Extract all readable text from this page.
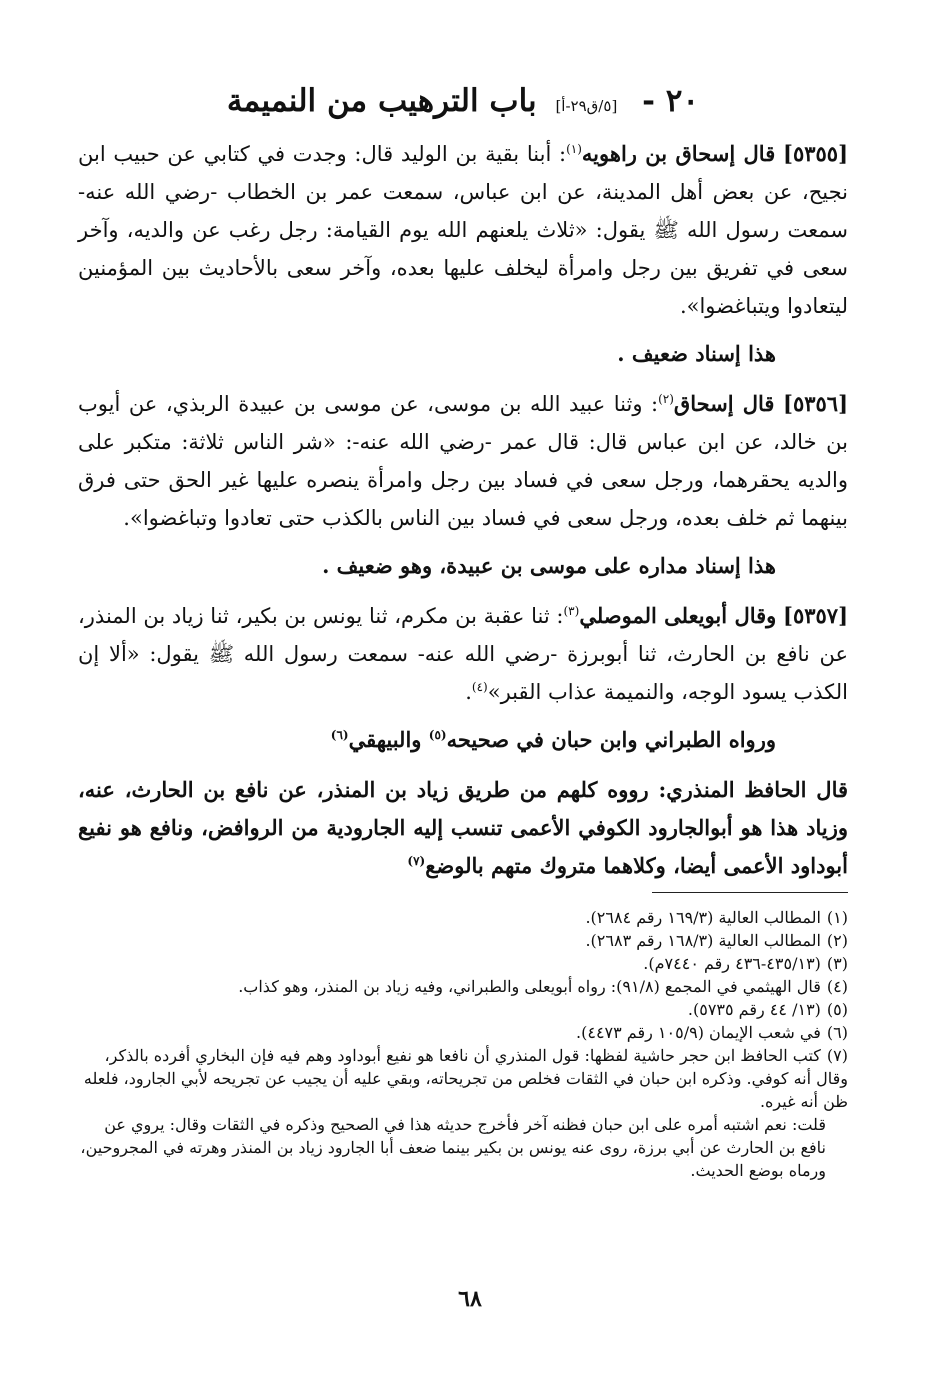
٢٠ - [٥/ق٢٩-أ] باب الترهيب من النميمة

[٥٣٥٥] قال إسحاق بن راهويه$^{(١)}$: أبنا بقية بن الوليد قال: وجدت في كتابي عن حبيب ابن نجيح، عن بعض أهل المدينة، عن ابن عباس، سمعت عمر بن الخطاب -رضي الله عنه- سمعت رسول الله ﷺ يقول: «ثلاث يلعنهم الله يوم القيامة: رجل رغب عن والديه، وآخر سعى في تفريق بين رجل وامرأة ليخلف عليها بعده، وآخر سعى بالأحاديث بين المؤمنين ليتعادوا ويتباغضوا».

هذا إسناد ضعيف .

[٥٣٥٦] قال إسحاق$^{(٢)}$: وثنا عبيد الله بن موسى، عن موسى بن عبيدة الربذي، عن أيوب بن خالد، عن ابن عباس قال: قال عمر -رضي الله عنه-: «شر الناس ثلاثة: متكبر على والديه يحقرهما، ورجل سعى في فساد بين رجل وامرأة ينصره عليها غير الحق حتى فرق بينهما ثم خلف بعده، ورجل سعى في فساد بين الناس بالكذب حتى تعادوا وتباغضوا».

هذا إسناد مداره على موسى بن عبيدة، وهو ضعيف .

[٥٣٥٧] وقال أبويعلى الموصلي$^{(٣)}$: ثنا عقبة بن مكرم، ثنا يونس بن بكير، ثنا زياد بن المنذر، عن نافع بن الحارث، ثنا أبوبرزة -رضي الله عنه- سمعت رسول الله ﷺ يقول: «ألا إن الكذب يسود الوجه، والنميمة عذاب القبر»$^{(٤)}$.

ورواه الطبراني وابن حبان في صحيحه$^{(٥)}$ والبيهقي$^{(٦)}$

قال الحافظ المنذري: رووه كلهم من طريق زياد بن المنذر، عن نافع بن الحارث، عنه، وزياد هذا هو أبوالجارود الكوفي الأعمى تنسب إليه الجارودية من الروافض، ونافع هو نفيع أبوداود الأعمى أيضا، وكلاهما متروك متهم بالوضع$^{(٧)}$

(١)المطالب العالية (١٦٩/٣ رقم ٢٦٨٤).

(٢)المطالب العالية (١٦٨/٣ رقم ٢٦٨٣).

(٣)(٤٣٥/١٣-٤٣٦ رقم ٧٤٤٠م).

(٤)قال الهيثمي في المجمع (٩١/٨): رواه أبويعلى والطبراني، وفيه زياد بن المنذر، وهو كذاب.

(٥)(١٣/ ٤٤ رقم ٥٧٣٥).

(٦)في شعب الإيمان (١٠٥/٩ رقم ٤٤٧٣).

(٧)كتب الحافظ ابن حجر حاشية لفظها: قول المنذري أن نافعا هو نفيع أبوداود وهم فيه فإن البخاري أفرده بالذكر، وقال أنه كوفي. وذكره ابن حبان في الثقات فخلص من تجريحاته، وبقي عليه أن يجيب عن تجريحه لأبي الجارود، فلعله ظن أنه غيره.

قلت: نعم اشتبه أمره على ابن حبان فظنه آخر فأخرج حديثه هذا في الصحيح وذكره في الثقات وقال: يروي عن نافع بن الحارث عن أبي برزة، روى عنه يونس بن بكير بينما ضعف أبا الجارود زياد بن المنذر وهرته في المجروحين، ورماه بوضع الحديث.

٦٨
